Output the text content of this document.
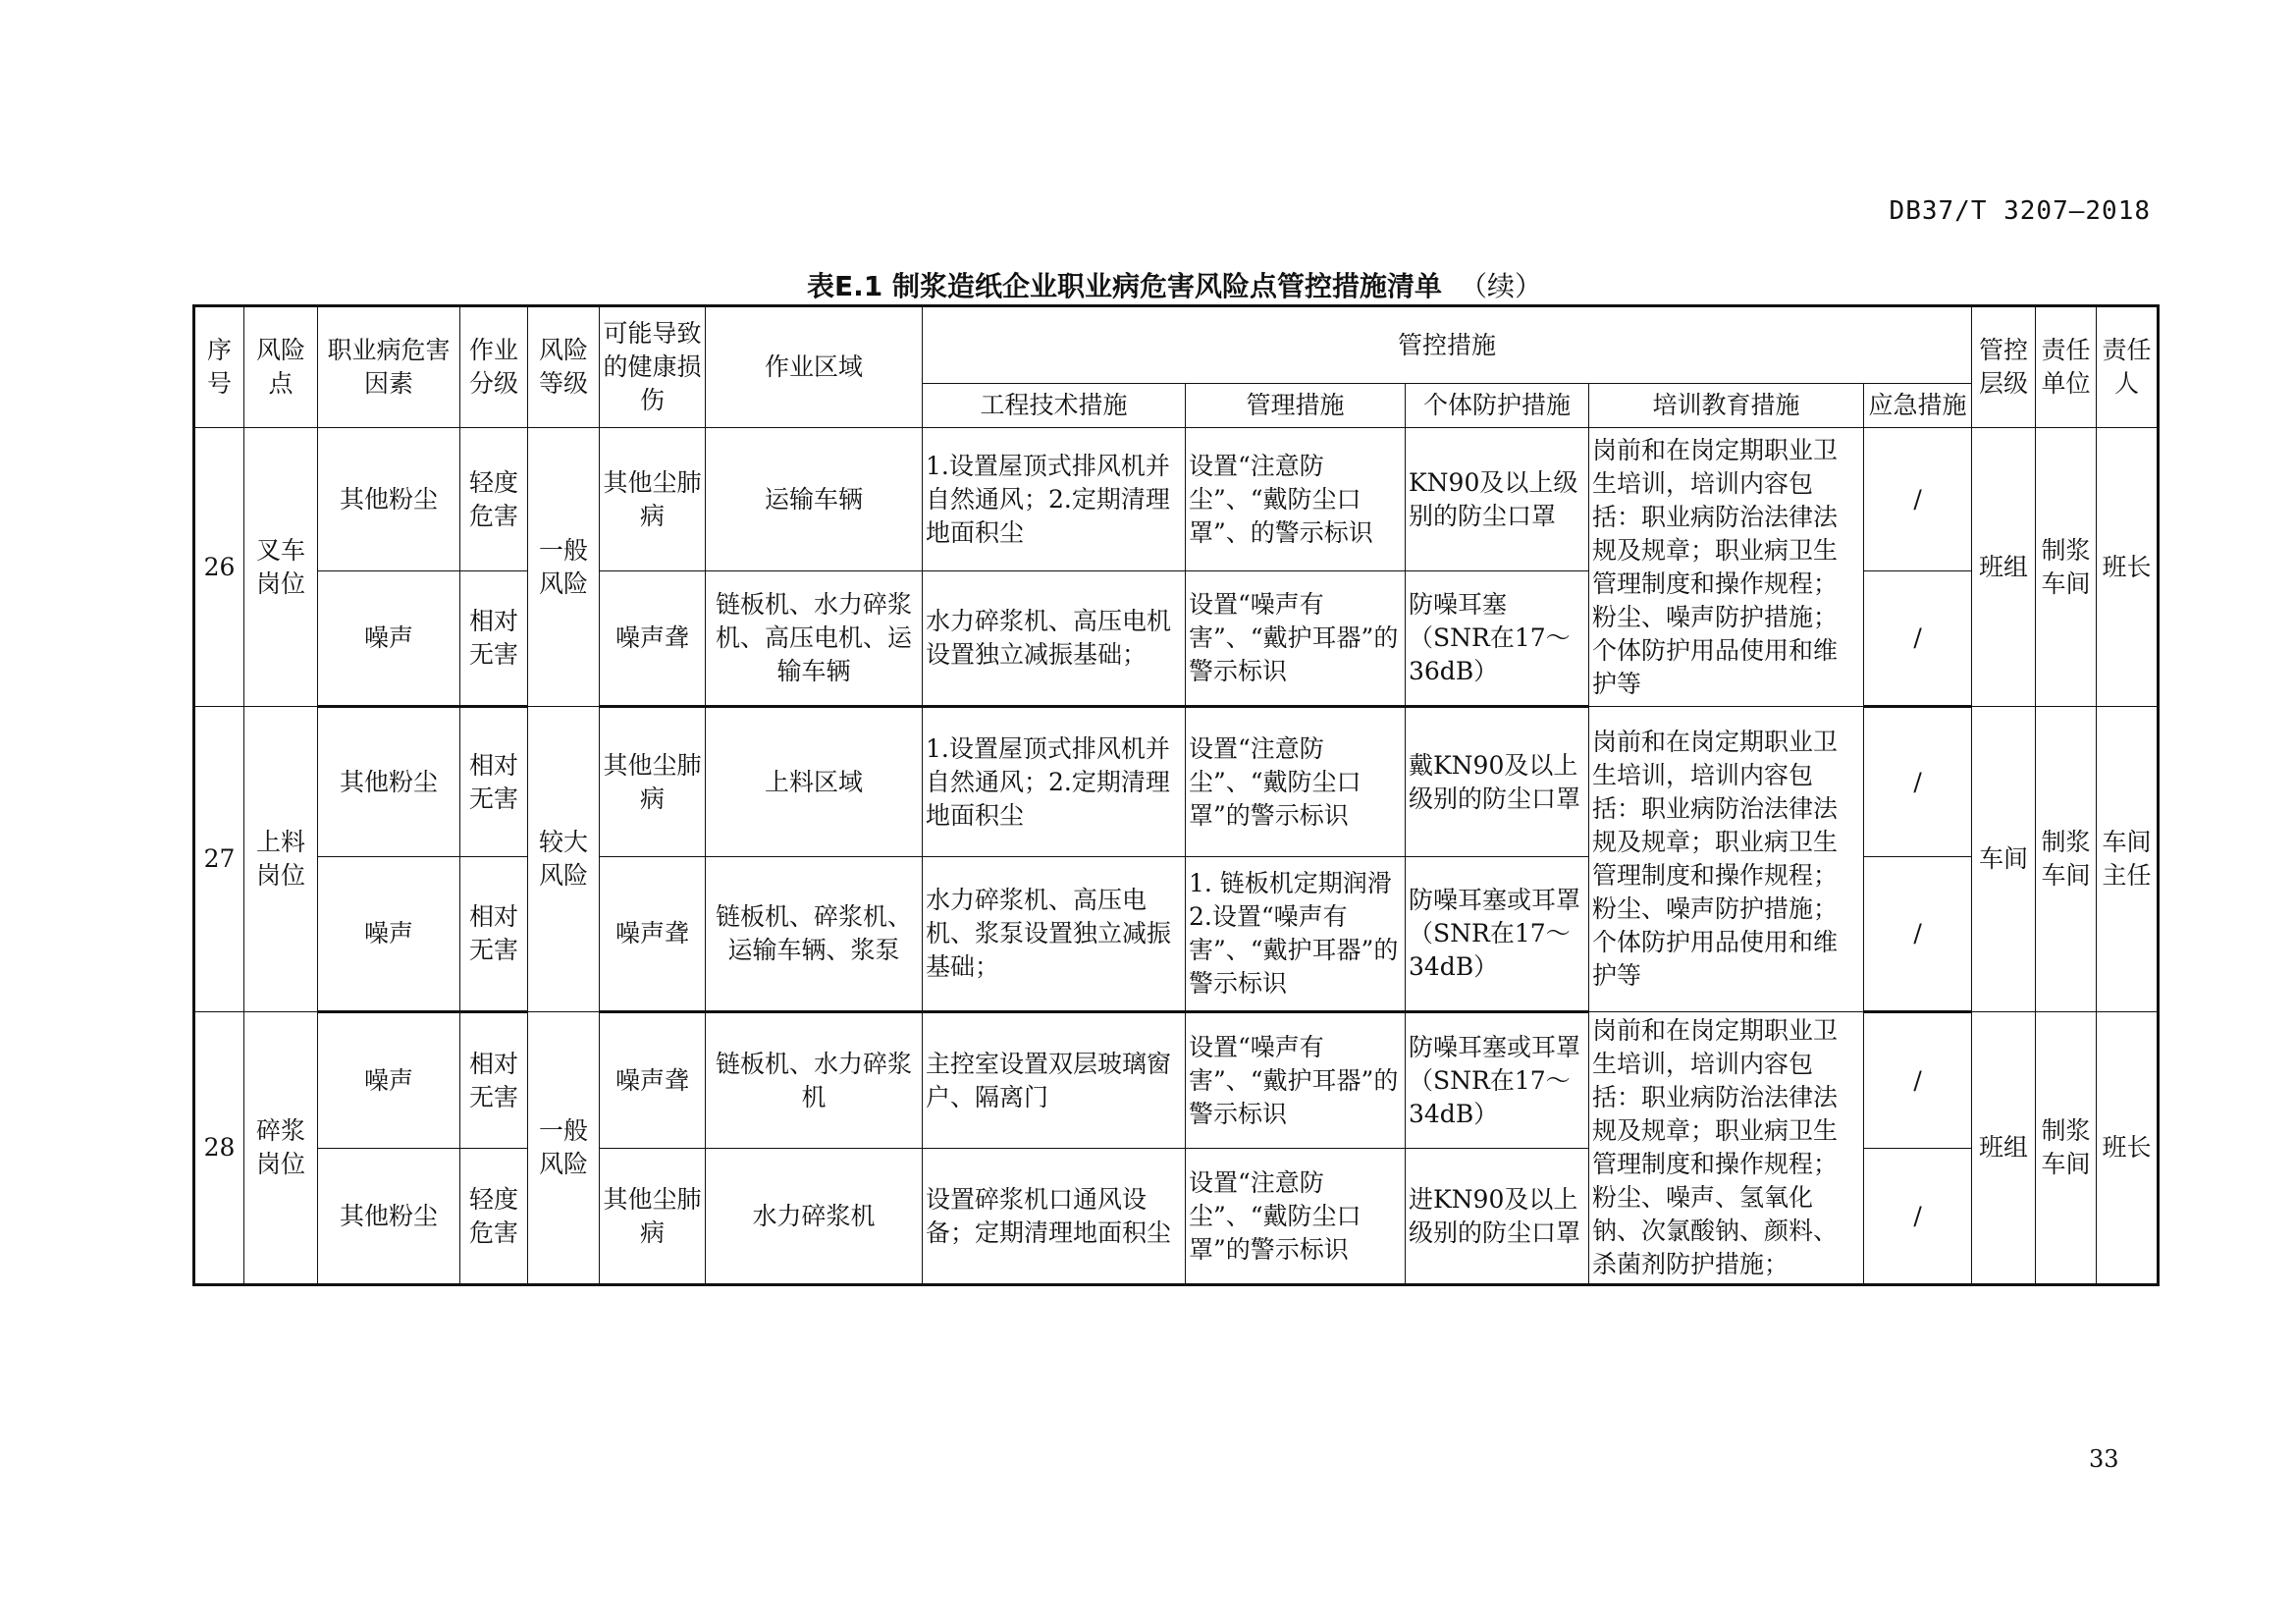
DB37/T 3207—2018
表E.1 制浆造纸企业职业病危害风险点管控措施清单 （续）
序号	风险点	职业病危害因素	作业分级	风险等级	可能导致的健康损伤	作业区域	管控措施					管控层级	责任单位	责任人
							工程技术措施	管理措施	个体防护措施	培训教育措施	应急措施			
26	叉车岗位	其他粉尘	轻度危害	一般风险	其他尘肺病	运输车辆	1.设置屋顶式排风机并自然通风；2.定期清理地面积尘	设置“注意防尘”、“戴防尘口罩”、的警示标识	KN90及以上级别的防尘口罩	岗前和在岗定期职业卫生培训，培训内容包括：职业病防治法律法规及规章；职业病卫生管理制度和操作规程；粉尘、噪声防护措施；个体防护用品使用和维护等	/	班组	制浆车间	班长
		噪声	相对无害		噪声聋	链板机、水力碎浆机、高压电机、运输车辆	水力碎浆机、高压电机设置独立减振基础；	设置“噪声有害”、“戴护耳器”的警示标识	防噪耳塞（SNR在17～36dB）		/			
27	上料岗位	其他粉尘	相对无害	较大风险	其他尘肺病	上料区域	1.设置屋顶式排风机并自然通风；2.定期清理地面积尘	设置“注意防尘”、“戴防尘口罩”的警示标识	戴KN90及以上级别的防尘口罩	岗前和在岗定期职业卫生培训，培训内容包括：职业病防治法律法规及规章；职业病卫生管理制度和操作规程；粉尘、噪声防护措施；个体防护用品使用和维护等	/	车间	制浆车间	车间主任
		噪声	相对无害		噪声聋	链板机、碎浆机、运输车辆、浆泵	水力碎浆机、高压电机、浆泵设置独立减振基础；	1. 链板机定期润滑 2.设置“噪声有害”、“戴护耳器”的警示标识	防噪耳塞或耳罩（SNR在17～34dB）		/			
28	碎浆岗位	噪声	相对无害	一般风险	噪声聋	链板机、水力碎浆机	主控室设置双层玻璃窗户、隔离门	设置“噪声有害”、“戴护耳器”的警示标识	防噪耳塞或耳罩（SNR在17～34dB）	岗前和在岗定期职业卫生培训，培训内容包括：职业病防治法律法规及规章；职业病卫生管理制度和操作规程；粉尘、噪声、氢氧化钠、次氯酸钠、颜料、杀菌剂防护措施；	/	班组	制浆车间	班长
		其他粉尘	轻度危害		其他尘肺病	水力碎浆机	设置碎浆机口通风设备；定期清理地面积尘	设置“注意防尘”、“戴防尘口罩”的警示标识	进KN90及以上级别的防尘口罩		/			
33
